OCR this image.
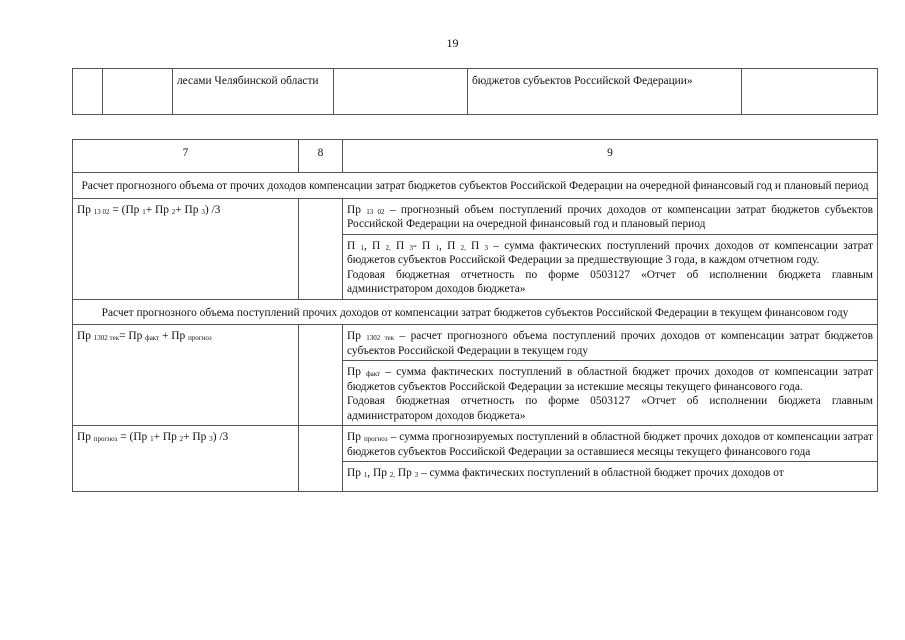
19
		лесами Челябинской области		бюджетов субъектов Российской Федерации»	
7	8	9
Расчет прогнозного объема от прочих доходов компенсации затрат бюджетов субъектов Российской Федерации на очередной финансовый год и плановый период		
Пр $_{13 02}$ = (Пр $_1$+ Пр $_2$+ Пр $_3$) /3		Пр $_{13 02}$ – прогнозный объем поступлений прочих доходов от компенсации затрат бюджетов субъектов Российской Федерации на очередной финансовый год и плановый период
		П $_1$, П $_{2,}$ П $_3$- П $_1$, П $_{2,}$ П $_3$ – сумма фактических поступлений прочих доходов от компенсации затрат бюджетов субъектов Российской Федерации за предшествующие 3 года, в каждом отчетном году.
Годовая бюджетная отчетность по форме 0503127 «Отчет об исполнении бюджета главным администратором доходов бюджета»
Расчет прогнозного объема поступлений прочих доходов от компенсации затрат бюджетов субъектов Российской Федерации в текущем финансовом году		
Пр $_{1302 тек}$= Пр $_{факт}$ + Пр $_{прогноз}$		Пр $_{1302 тек}$ – расчет прогнозного объема поступлений прочих доходов от компенсации затрат бюджетов субъектов Российской Федерации в текущем году
		Пр $_{факт}$ – сумма фактических поступлений в областной бюджет прочих доходов от компенсации затрат бюджетов субъектов Российской Федерации за истекшие месяцы текущего финансового года.
Годовая бюджетная отчетность по форме 0503127 «Отчет об исполнении бюджета главным администратором доходов бюджета»
Пр $_{прогноз}$ = (Пр $_1$+ Пр $_2$+ Пр $_3$) /3		Пр $_{прогноз}$ – сумма прогнозируемых поступлений в областной бюджет прочих доходов от компенсации затрат бюджетов субъектов Российской Федерации за оставшиеся месяцы текущего финансового года

		Пр $_1$, Пр $_{2,}$ Пр $_3$ – сумма фактических поступлений в областной бюджет прочих доходов от
